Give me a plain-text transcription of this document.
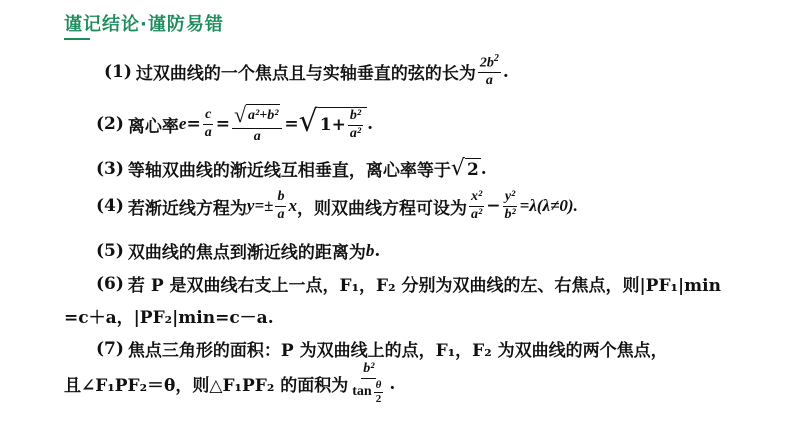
谨记结论·谨防易错
(1) 过双曲线的一个焦点且与实轴垂直的弦的长为 $\frac{2b^2}{a}$ .
(2) 离心率 $e = \frac{c}{a} = \frac{\text{√ a²+b²}}{a}$ = √ $1+ \frac{\text{b²}}{\text{a²}}$ .
(3) 等轴双曲线的渐近线互相垂直，离心率等于 √ 2 .
(4) 若渐近线方程为 $y=\pm \frac{b}{a}$ x ，则双曲线方程可设为 $\frac{\text{x²}}{\text{a²}} - \frac{\text{y²}}{\text{b²}} =\lambda(\lambda\ne 0)$.
(5) 双曲线的焦点到渐近线的距离为 b .
(6) 若 P 是双曲线右支上一点，F₁，F₂ 分别为双曲线的左、右焦点，则|PF₁|min
=c＋a，|PF₂|min=c－a.
(7) 焦点三角形的面积：P 为双曲线上的点，F₁，F₂ 为双曲线的两个焦点，
且∠F₁PF₂＝θ，则△F₁PF₂ 的面积为 $\frac{\text{b²}}{\tan \frac{\theta}{2}}$ .
